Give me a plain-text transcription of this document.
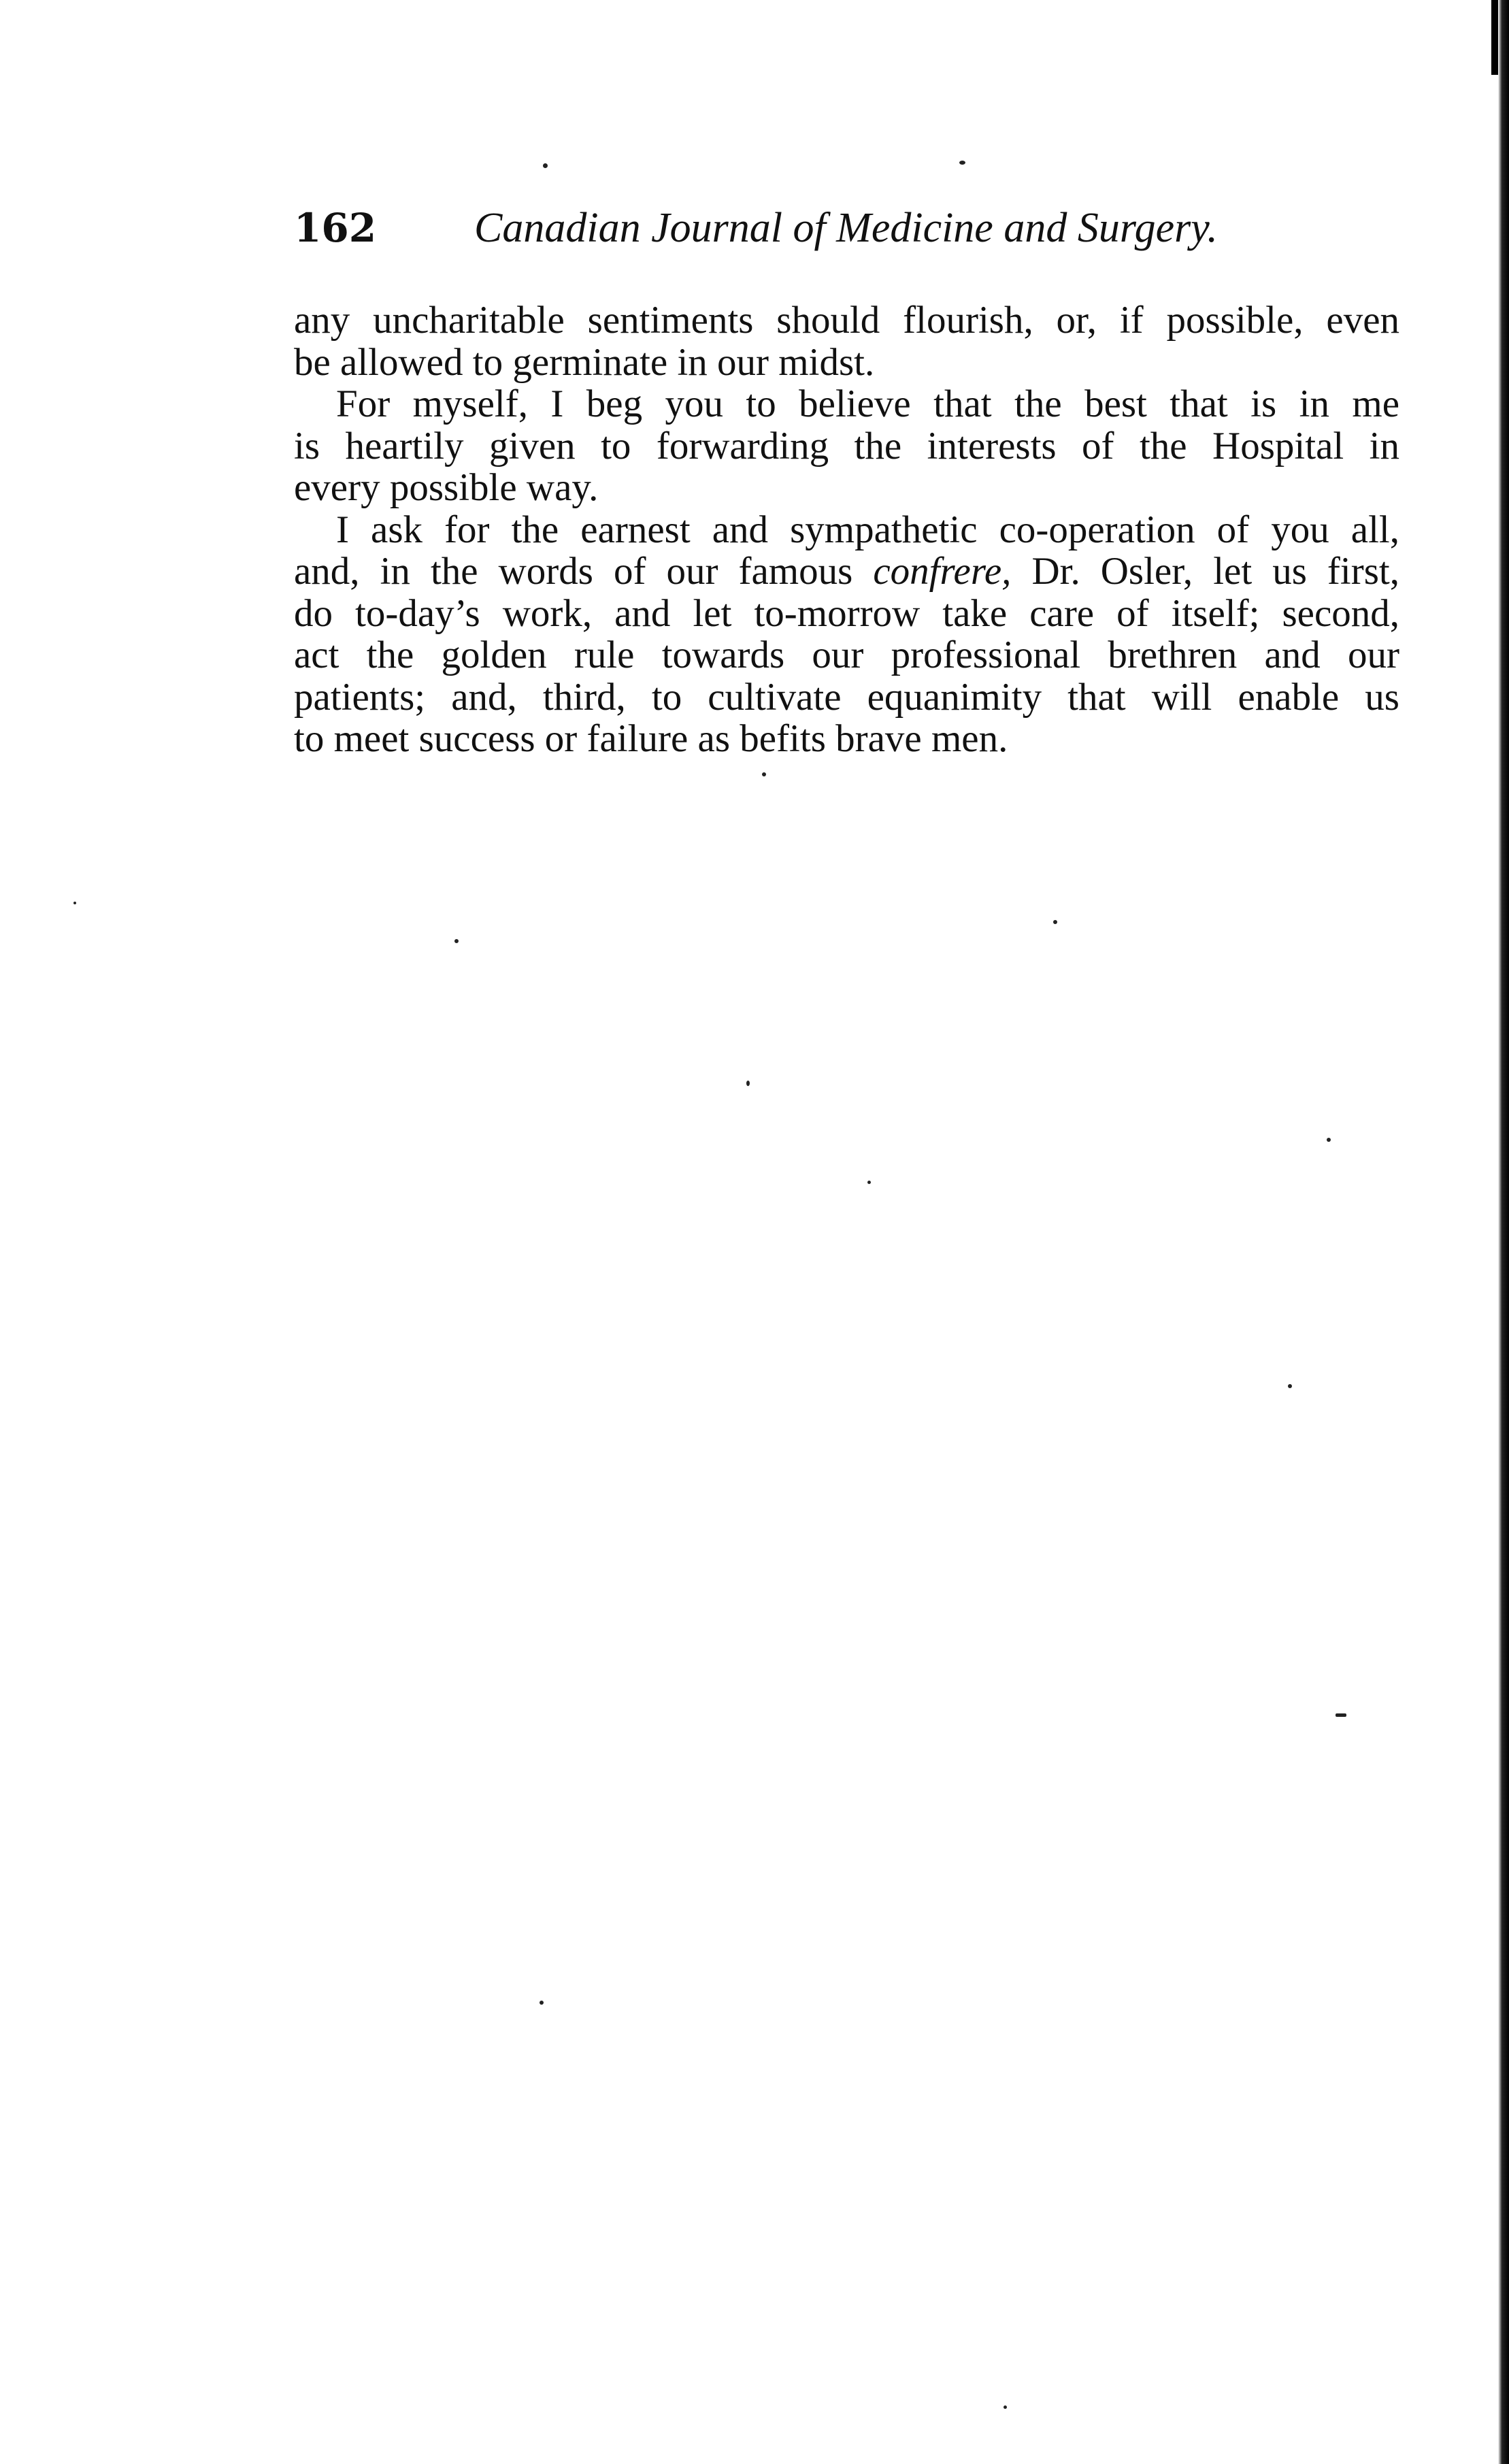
162 Canadian Journal of Medicine and Surgery.
any uncharitable sentiments should flourish, or, if possible, even
be allowed to germinate in our midst.
For myself, I beg you to believe that the best that is in me
is heartily given to forwarding the interests of the Hospital in
every possible way.
I ask for the earnest and sympathetic co-operation of you all,
and, in the words of our famous confrere, Dr. Osler, let us first,
do to-day’s work, and let to-morrow take care of itself; second,
act the golden rule towards our professional brethren and our
patients; and, third, to cultivate equanimity that will enable us
to meet success or failure as befits brave men.
